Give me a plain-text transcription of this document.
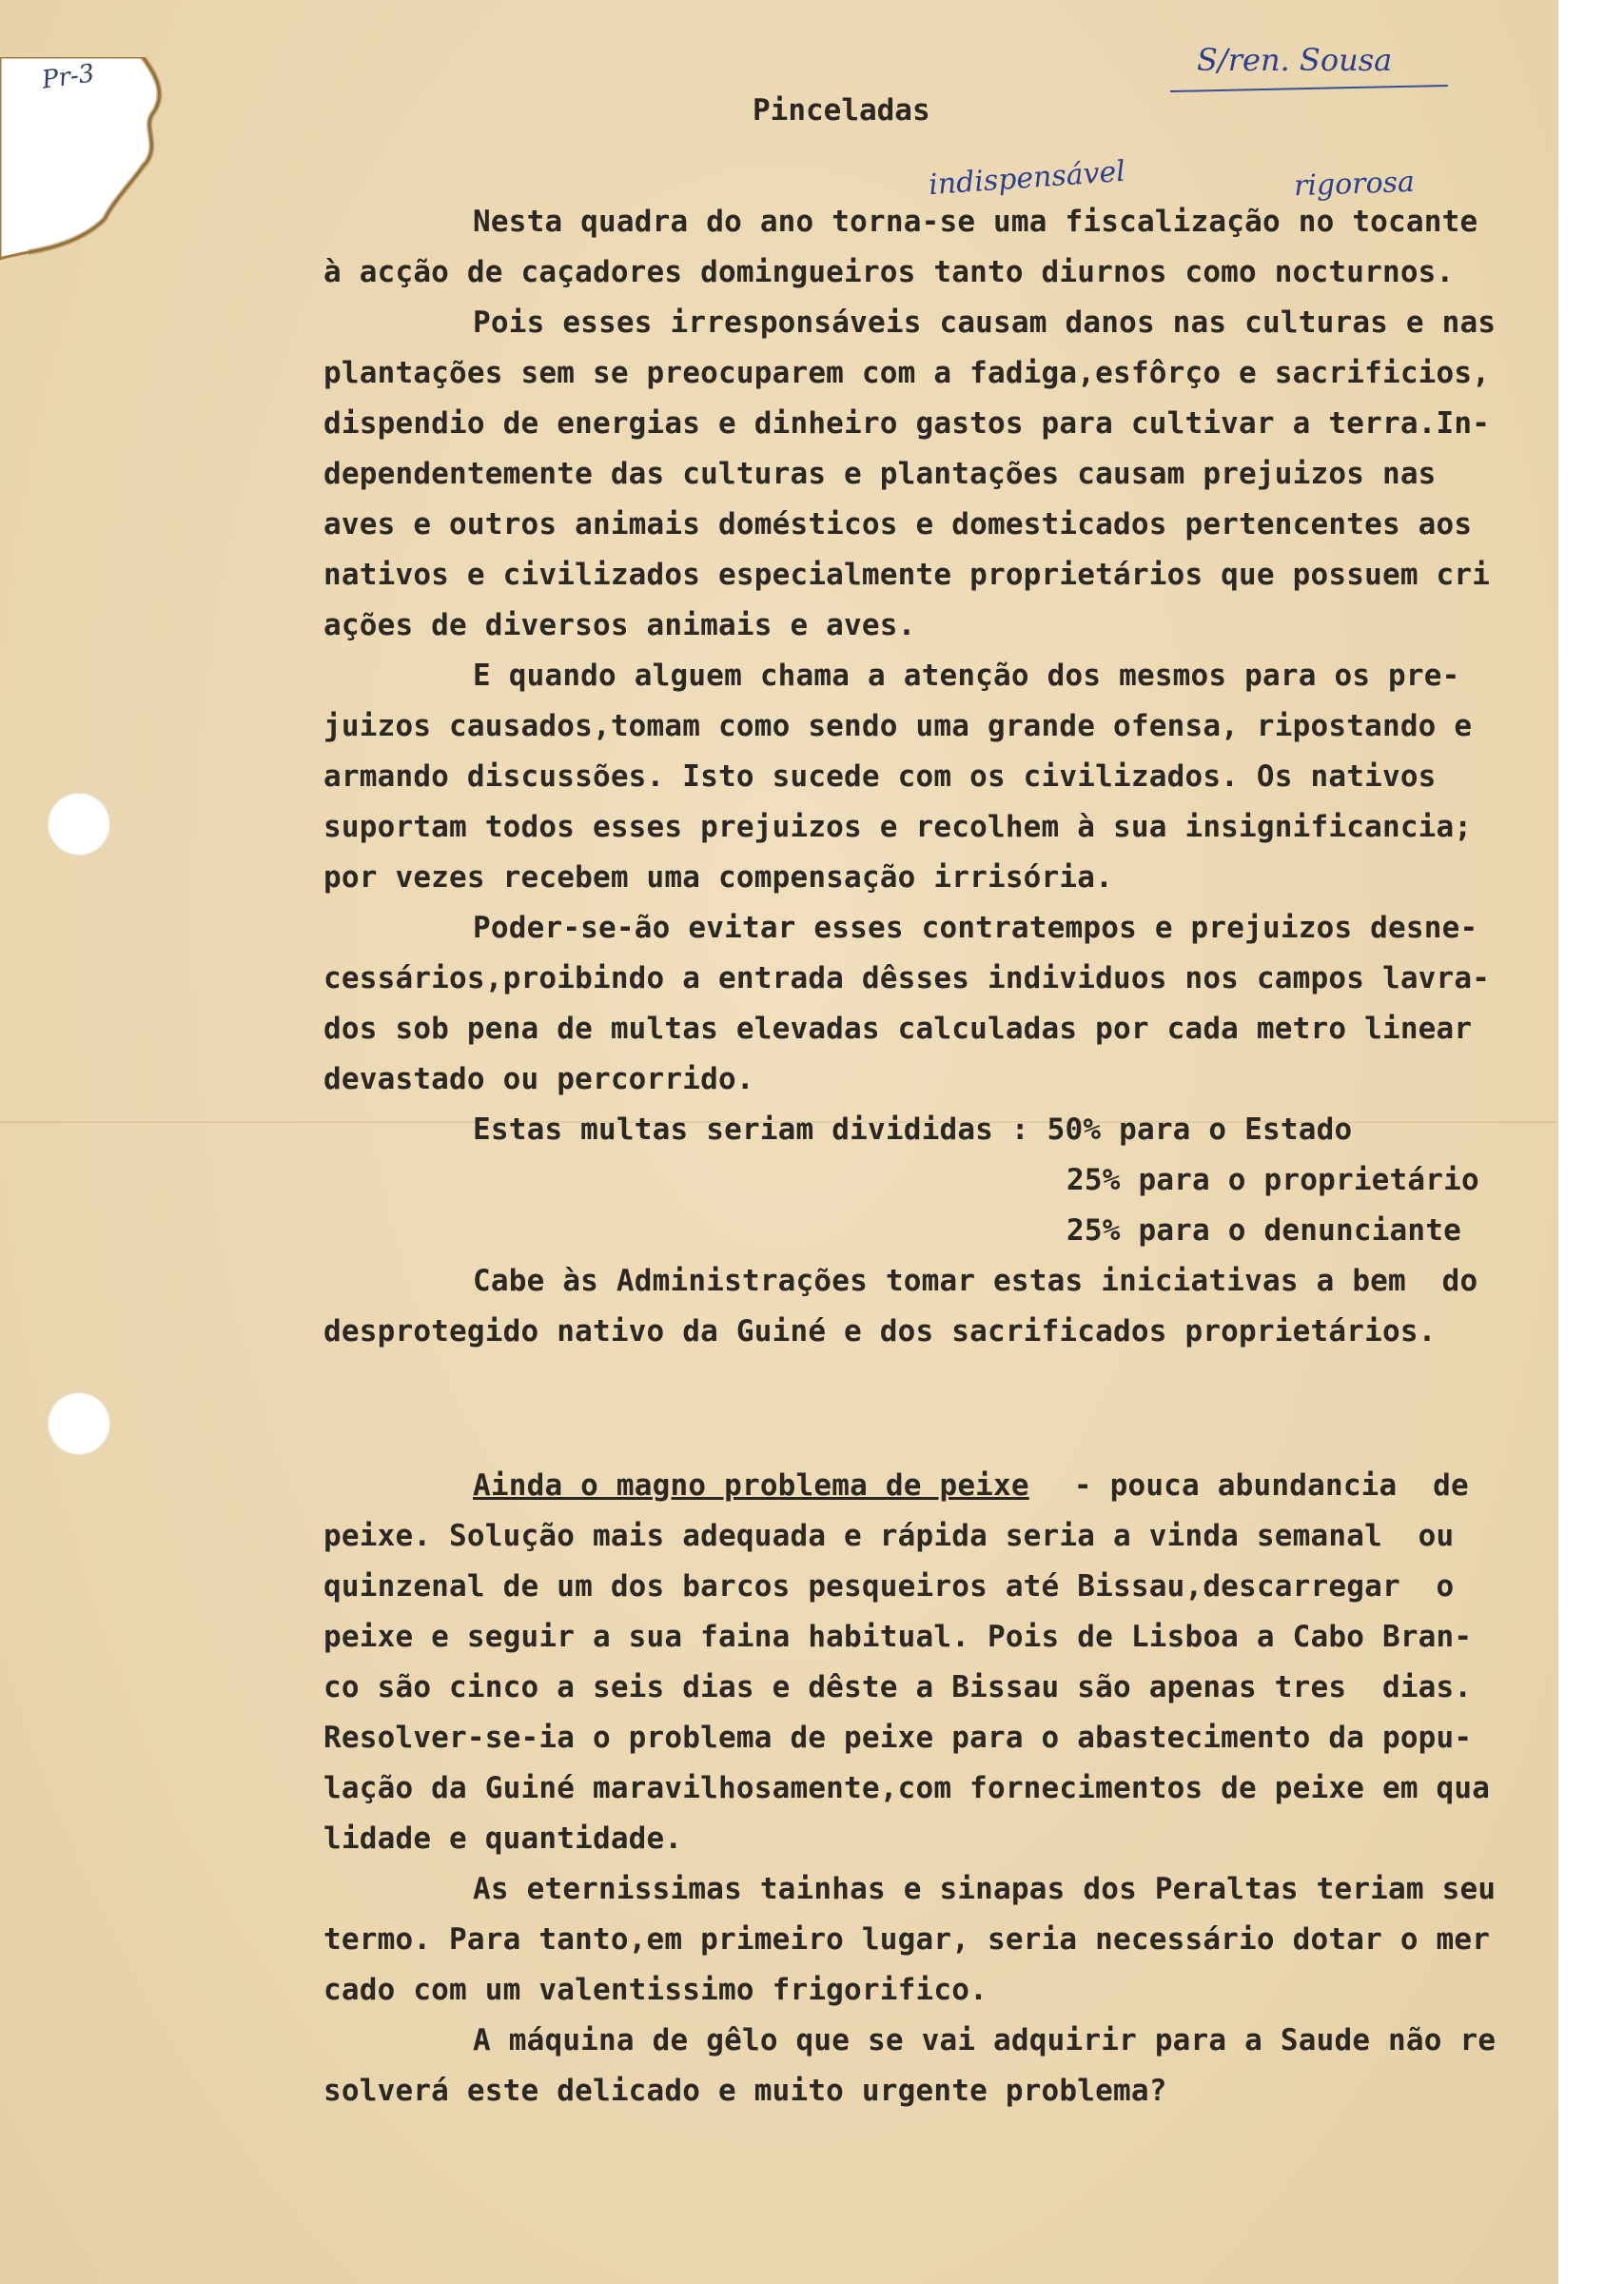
Pr-3	S/ren. Sousa
Pinceladas
indispensável	rigorosa
Nesta quadra do ano torna-se uma fiscalização no tocante
à acção de caçadores domingueiros tanto diurnos como nocturnos.
Pois esses irresponsáveis causam danos nas culturas e nas
plantações sem se preocuparem com a fadiga,esfôrço e sacrificios,
dispendio de energias e dinheiro gastos para cultivar a terra.In-
dependentemente das culturas e plantações causam prejuizos nas
aves e outros animais domésticos e domesticados pertencentes aos
nativos e civilizados especialmente proprietários que possuem cri
ações de diversos animais e aves.
E quando alguem chama a atenção dos mesmos para os pre-
juizos causados,tomam como sendo uma grande ofensa, ripostando e
armando discussões. Isto sucede com os civilizados. Os nativos
suportam todos esses prejuizos e recolhem à sua insignificancia;
por vezes recebem uma compensação irrisória.
Poder-se-ão evitar esses contratempos e prejuizos desne-
cessários,proibindo a entrada dêsses individuos nos campos lavra-
dos sob pena de multas elevadas calculadas por cada metro linear
devastado ou percorrido.
Estas multas seriam divididas : 50% para o Estado
25% para o proprietário
25% para o denunciante
Cabe às Administrações tomar estas iniciativas a bem  do
desprotegido nativo da Guiné e dos sacrificados proprietários.
Ainda o magno problema de peixe - pouca abundancia  de
peixe. Solução mais adequada e rápida seria a vinda semanal  ou
quinzenal de um dos barcos pesqueiros até Bissau,descarregar  o
peixe e seguir a sua faina habitual. Pois de Lisboa a Cabo Bran-
co são cinco a seis dias e dêste a Bissau são apenas tres  dias.
Resolver-se-ia o problema de peixe para o abastecimento da popu-
lação da Guiné maravilhosamente,com fornecimentos de peixe em qua
lidade e quantidade.
As eternissimas tainhas e sinapas dos Peraltas teriam seu
termo. Para tanto,em primeiro lugar, seria necessário dotar o mer
cado com um valentissimo frigorifico.
A máquina de gêlo que se vai adquirir para a Saude não re
solverá este delicado e muito urgente problema?
